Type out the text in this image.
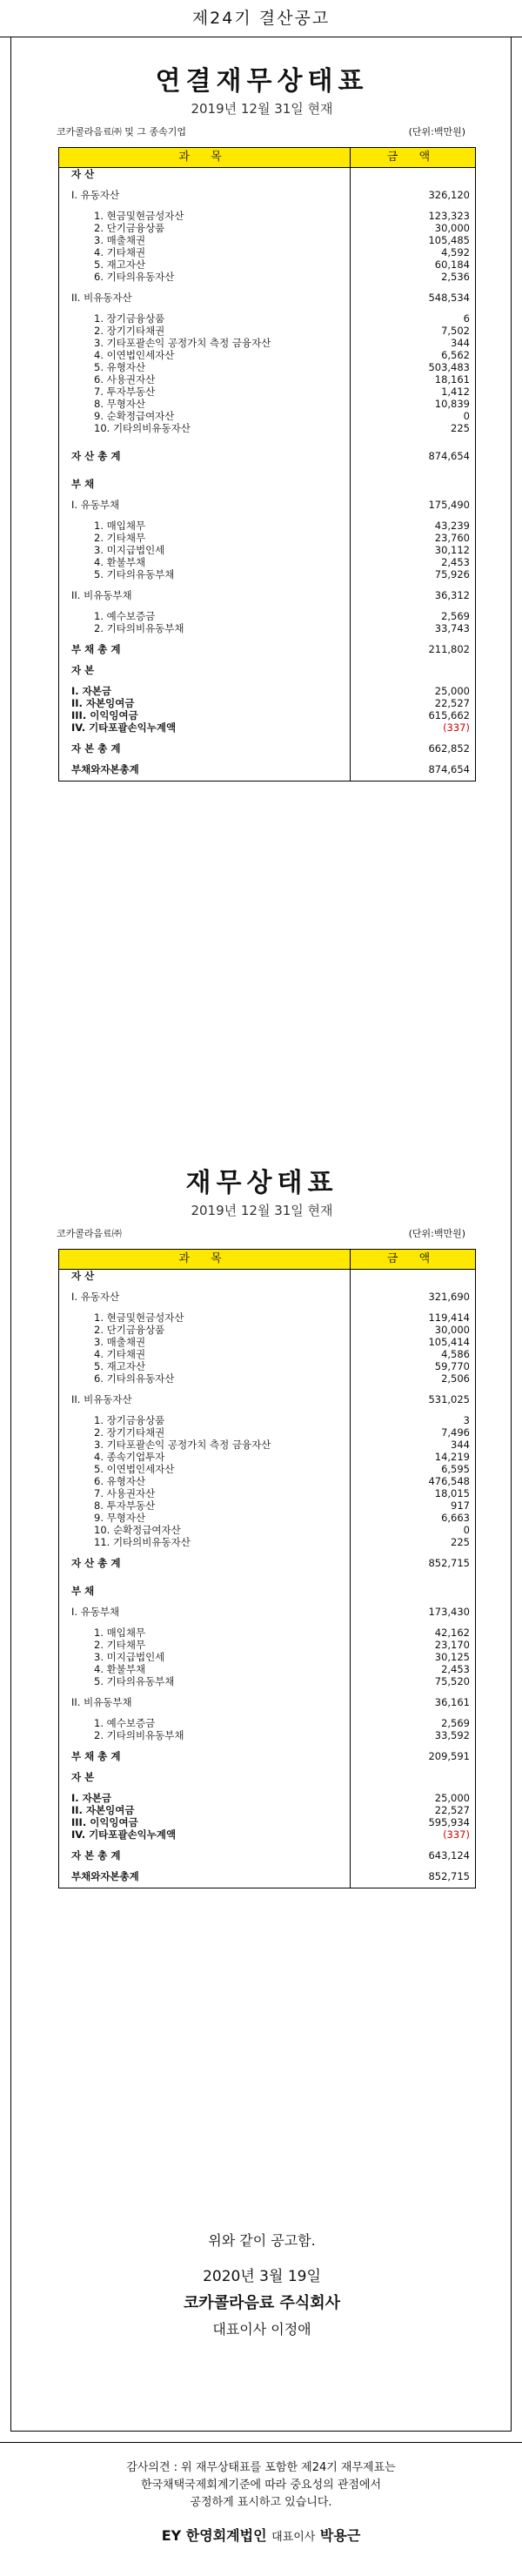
제24기 결산공고
연결재무상태표
2019년 12월 31일 현재
코카콜라음료㈜ 및 그 종속기업	(단위:백만원)
과 목	금 액
자 산
I. 유동자산	326,120
1. 현금및현금성자산	123,323
2. 단기금융상품	30,000
3. 매출채권	105,485
4. 기타채권	4,592
5. 재고자산	60,184
6. 기타의유동자산	2,536
II. 비유동자산	548,534
1. 장기금융상품	6
2. 장기기타채권	7,502
3. 기타포괄손익 공정가치 측정 금융자산	344
4. 이연법인세자산	6,562
5. 유형자산	503,483
6. 사용권자산	18,161
7. 투자부동산	1,412
8. 무형자산	10,839
9. 순확정급여자산	0
10. 기타의비유동자산	225
자 산 총 계	874,654
부 채
I. 유동부채	175,490
1. 매입채무	43,239
2. 기타채무	23,760
3. 미지급법인세	30,112
4. 환불부채	2,453
5. 기타의유동부채	75,926
II. 비유동부채	36,312
1. 예수보증금	2,569
2. 기타의비유동부채	33,743
부 채 총 계	211,802
자 본
I. 자본금	25,000
II. 자본잉여금	22,527
III. 이익잉여금	615,662
IV. 기타포괄손익누계액	(337)
자 본 총 계	662,852
부채와자본총계	874,654
재무상태표
2019년 12월 31일 현재
코카콜라음료㈜	(단위:백만원)
과 목	금 액
자 산
I. 유동자산	321,690
1. 현금및현금성자산	119,414
2. 단기금융상품	30,000
3. 매출채권	105,414
4. 기타채권	4,586
5. 재고자산	59,770
6. 기타의유동자산	2,506
II. 비유동자산	531,025
1. 장기금융상품	3
2. 장기기타채권	7,496
3. 기타포괄손익 공정가치 측정 금융자산	344
4. 종속기업투자	14,219
5. 이연법인세자산	6,595
6. 유형자산	476,548
7. 사용권자산	18,015
8. 투자부동산	917
9. 무형자산	6,663
10. 순확정급여자산	0
11. 기타의비유동자산	225
자 산 총 계	852,715
부 채
I. 유동부채	173,430
1. 매입채무	42,162
2. 기타채무	23,170
3. 미지급법인세	30,125
4. 환불부채	2,453
5. 기타의유동부채	75,520
II. 비유동부채	36,161
1. 예수보증금	2,569
2. 기타의비유동부채	33,592
부 채 총 계	209,591
자 본
I. 자본금	25,000
II. 자본잉여금	22,527
III. 이익잉여금	595,934
IV. 기타포괄손익누계액	(337)
자 본 총 계	643,124
부채와자본총계	852,715
위와 같이 공고함.
2020년 3월 19일
코카콜라음료 주식회사
대표이사 이정애
감사의견 : 위 재무상태표를 포함한 제24기 재무제표는
한국채택국제회계기준에 따라 중요성의 관점에서
공정하게 표시하고 있습니다.
EY 한영회계법인 대표이사 박용근
